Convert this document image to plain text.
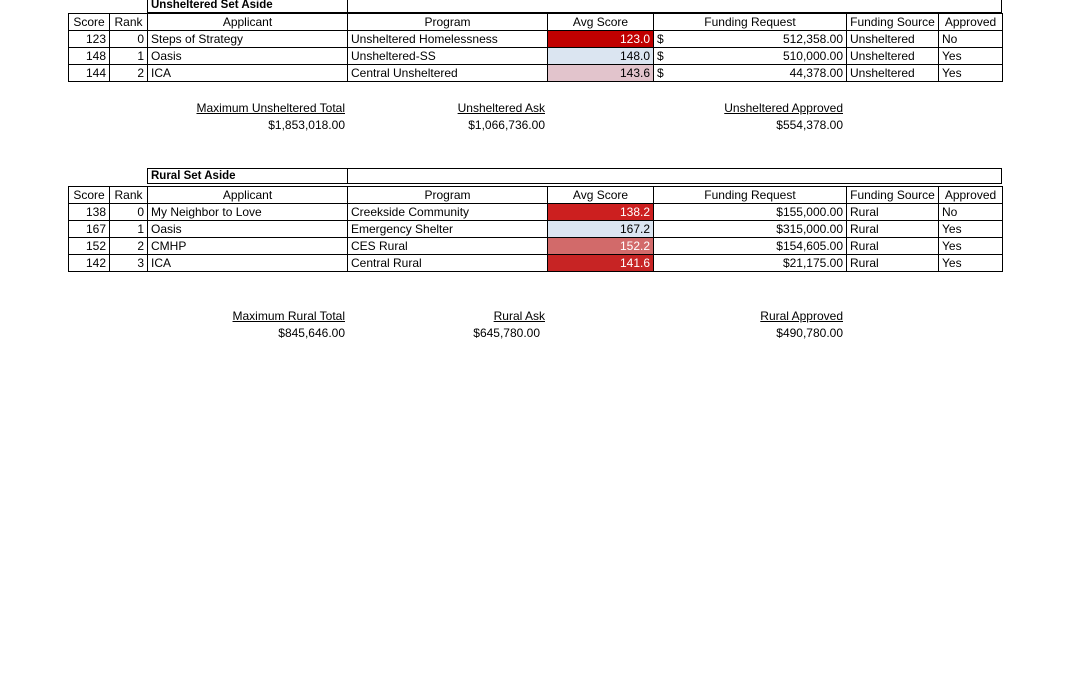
Unsheltered Set Aside
Score	Rank	Applicant	Program	Avg Score	Funding Request	Funding Source	Approved
123	0	Steps of Strategy	Unsheltered Homelessness	123.0	$ 512,358.00	Unsheltered	No
148	1	Oasis	Unsheltered-SS	148.0	$ 510,000.00	Unsheltered	Yes
144	2	ICA	Central Unsheltered	143.6	$ 44,378.00	Unsheltered	Yes
Maximum Unsheltered Total
$1,853,018.00
Unsheltered Ask
$1,066,736.00
Unsheltered Approved
$554,378.00
Rural Set Aside
Score	Rank	Applicant	Program	Avg Score	Funding Request	Funding Source	Approved
138	0	My Neighbor to Love	Creekside Community	138.2	$155,000.00	Rural	No
167	1	Oasis	Emergency Shelter	167.2	$315,000.00	Rural	Yes
152	2	CMHP	CES Rural	152.2	$154,605.00	Rural	Yes
142	3	ICA	Central Rural	141.6	$21,175.00	Rural	Yes
Maximum Rural Total
$845,646.00
Rural Ask
$645,780.00
Rural Approved
$490,780.00
